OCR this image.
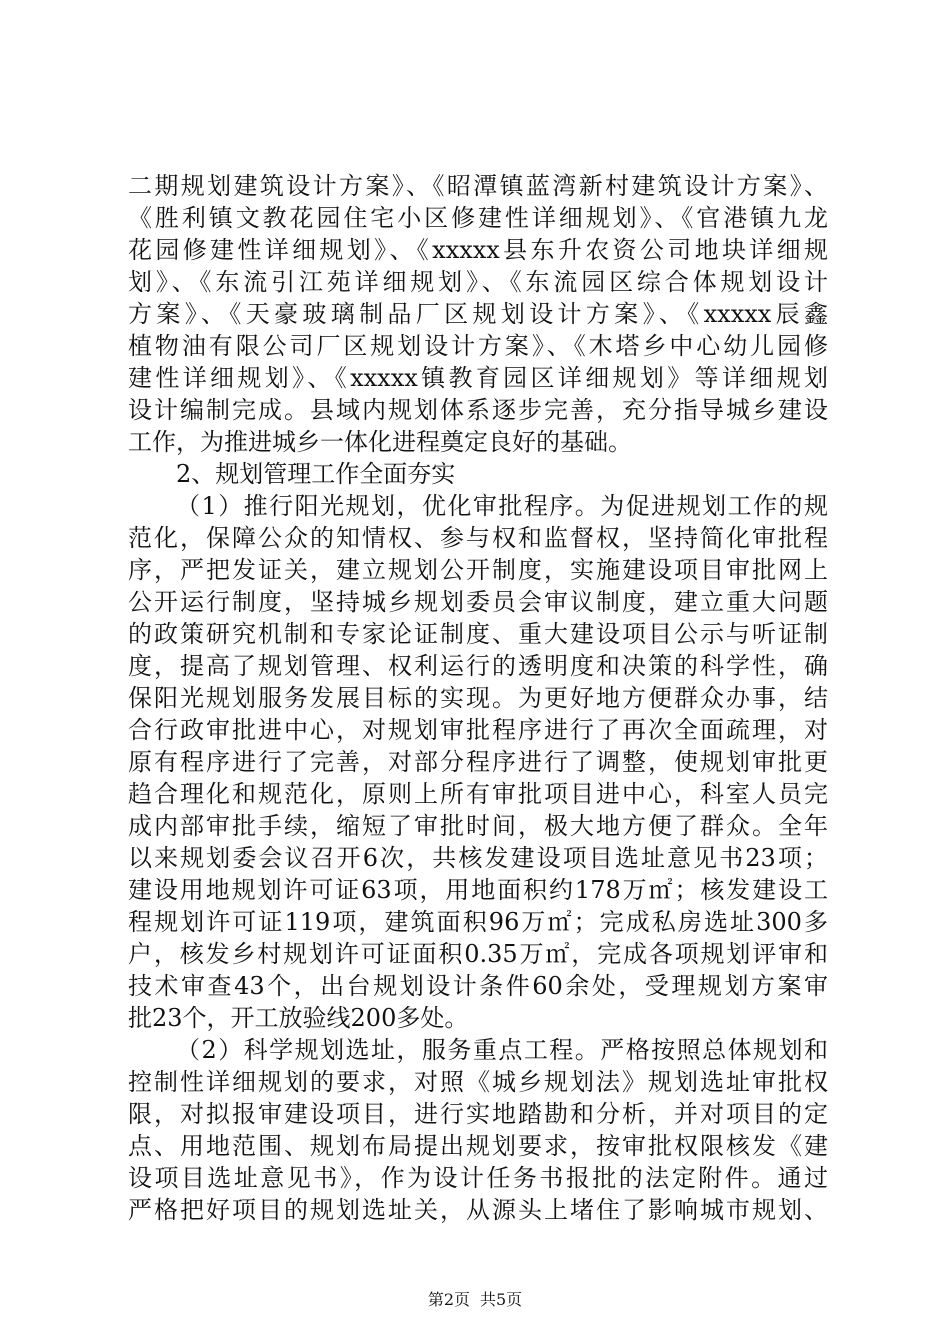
二期规划建筑设计方案》、《昭潭镇蓝湾新村建筑设计方案》、
《胜利镇文教花园住宅小区修建性详细规划》、《官港镇九龙
花园修建性详细规划》、《xxxxx县东升农资公司地块详细规
划》、《东流引江苑详细规划》、《东流园区综合体规划设计
方案》、《天豪玻璃制品厂区规划设计方案》、《xxxxx辰鑫
植物油有限公司厂区规划设计方案》、《木塔乡中心幼儿园修
建性详细规划》、《xxxxx镇教育园区详细规划》等详细规划
设计编制完成。县域内规划体系逐步完善，充分指导城乡建设
工作，为推进城乡一体化进程奠定良好的基础。
2、规划管理工作全面夯实
（1）推行阳光规划，优化审批程序。为促进规划工作的规
范化，保障公众的知情权、参与权和监督权，坚持简化审批程
序，严把发证关，建立规划公开制度，实施建设项目审批网上
公开运行制度，坚持城乡规划委员会审议制度，建立重大问题
的政策研究机制和专家论证制度、重大建设项目公示与听证制
度，提高了规划管理、权利运行的透明度和决策的科学性，确
保阳光规划服务发展目标的实现。为更好地方便群众办事，结
合行政审批进中心，对规划审批程序进行了再次全面疏理，对
原有程序进行了完善，对部分程序进行了调整，使规划审批更
趋合理化和规范化，原则上所有审批项目进中心，科室人员完
成内部审批手续，缩短了审批时间，极大地方便了群众。全年
以来规划委会议召开6次，共核发建设项目选址意见书23项；
建设用地规划许可证63项，用地面积约178万㎡；核发建设工
程规划许可证119项，建筑面积96万㎡；完成私房选址300多
户，核发乡村规划许可证面积0.35万㎡，完成各项规划评审和
技术审查43个，出台规划设计条件60余处，受理规划方案审
批23个，开工放验线200多处。
（2）科学规划选址，服务重点工程。严格按照总体规划和
控制性详细规划的要求，对照《城乡规划法》规划选址审批权
限，对拟报审建设项目，进行实地踏勘和分析，并对项目的定
点、用地范围、规划布局提出规划要求，按审批权限核发《建
设项目选址意见书》，作为设计任务书报批的法定附件。通过
严格把好项目的规划选址关，从源头上堵住了影响城市规划、
第2页 共5页
